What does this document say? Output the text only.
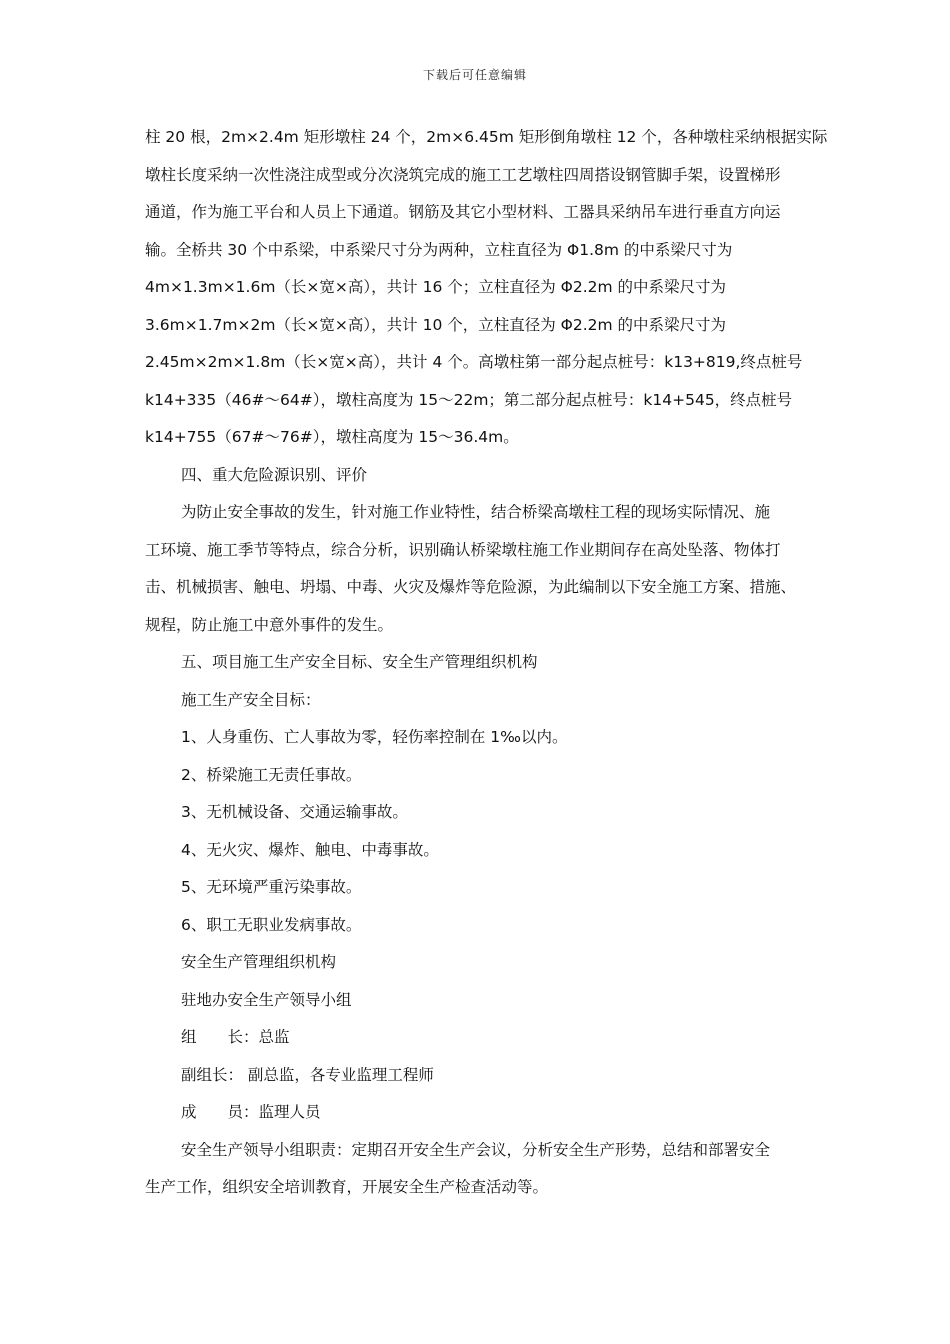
下载后可任意编辑
柱 20 根，2m×2.4m 矩形墩柱 24 个，2m×6.45m 矩形倒角墩柱 12 个，各种墩柱采纳根据实际
墩柱长度采纳一次性浇注成型或分次浇筑完成的施工工艺墩柱四周搭设钢管脚手架，设置梯形
通道，作为施工平台和人员上下通道。钢筋及其它小型材料、工器具采纳吊车进行垂直方向运
输。全桥共 30 个中系梁，中系梁尺寸分为两种，立柱直径为 Φ1.8m 的中系梁尺寸为
4m×1.3m×1.6m（长×宽×高），共计 16 个；立柱直径为 Φ2.2m 的中系梁尺寸为
3.6m×1.7m×2m（长×宽×高），共计 10 个，立柱直径为 Φ2.2m 的中系梁尺寸为
2.45m×2m×1.8m（长×宽×高），共计 4 个。高墩柱第一部分起点桩号：k13+819,终点桩号
k14+335（46#～64#），墩柱高度为 15～22m；第二部分起点桩号：k14+545，终点桩号
k14+755（67#～76#），墩柱高度为 15～36.4m。
四、重大危险源识别、评价
为防止安全事故的发生，针对施工作业特性，结合桥梁高墩柱工程的现场实际情况、施
工环境、施工季节等特点，综合分析，识别确认桥梁墩柱施工作业期间存在高处坠落、物体打
击、机械损害、触电、坍塌、中毒、火灾及爆炸等危险源，为此编制以下安全施工方案、措施、
规程，防止施工中意外事件的发生。
五、项目施工生产安全目标、安全生产管理组织机构
施工生产安全目标：
1、人身重伤、亡人事故为零，轻伤率控制在 1‰以内。
2、桥梁施工无责任事故。
3、无机械设备、交通运输事故。
4、无火灾、爆炸、触电、中毒事故。
5、无环境严重污染事故。
6、职工无职业发病事故。
安全生产管理组织机构
驻地办安全生产领导小组
组　　长：总监
副组长： 副总监，各专业监理工程师
成　　员：监理人员
安全生产领导小组职责：定期召开安全生产会议，分析安全生产形势，总结和部署安全
生产工作，组织安全培训教育，开展安全生产检查活动等。
